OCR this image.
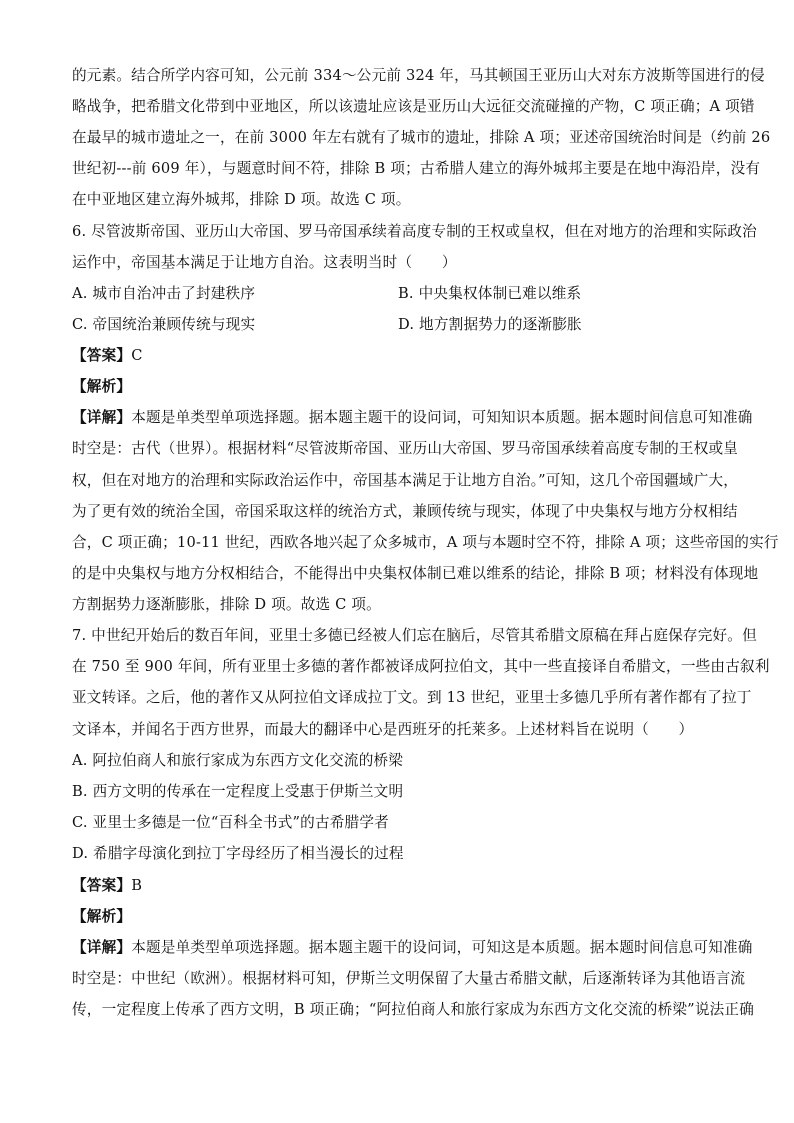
的元素。结合所学内容可知，公元前 334～公元前 324 年，马其顿国王亚历山大对东方波斯等国进行的侵
略战争，把希腊文化带到中亚地区，所以该遗址应该是亚历山大远征交流碰撞的产物，C 项正确；A 项错
在最早的城市遗址之一，在前 3000 年左右就有了城市的遗址，排除 A 项；亚述帝国统治时间是（约前 26
世纪初---前 609 年），与题意时间不符，排除 B 项；古希腊人建立的海外城邦主要是在地中海沿岸，没有
在中亚地区建立海外城邦，排除 D 项。故选 C 项。
6. 尽管波斯帝国、亚历山大帝国、罗马帝国承续着高度专制的王权或皇权，但在对地方的治理和实际政治
运作中，帝国基本满足于让地方自治。这表明当时（　　）
A. 城市自治冲击了封建秩序	B. 中央集权体制已难以维系
C. 帝国统治兼顾传统与现实	D. 地方割据势力的逐渐膨胀
【答案】C
【解析】
【详解】本题是单类型单项选择题。据本题主题干的设问词，可知知识本质题。据本题时间信息可知准确
时空是：古代（世界）。根据材料“尽管波斯帝国、亚历山大帝国、罗马帝国承续着高度专制的王权或皇
权，但在对地方的治理和实际政治运作中，帝国基本满足于让地方自治。”可知，这几个帝国疆域广大，
为了更有效的统治全国，帝国采取这样的统治方式，兼顾传统与现实，体现了中央集权与地方分权相结
合，C 项正确；10-11 世纪，西欧各地兴起了众多城市，A 项与本题时空不符，排除 A 项；这些帝国的实行
的是中央集权与地方分权相结合，不能得出中央集权体制已难以维系的结论，排除 B 项；材料没有体现地
方割据势力逐渐膨胀，排除 D 项。故选 C 项。
7. 中世纪开始后的数百年间，亚里士多德已经被人们忘在脑后，尽管其希腊文原稿在拜占庭保存完好。但
在 750 至 900 年间，所有亚里士多德的著作都被译成阿拉伯文，其中一些直接译自希腊文，一些由古叙利
亚文转译。之后，他的著作又从阿拉伯文译成拉丁文。到 13 世纪，亚里士多德几乎所有著作都有了拉丁
文译本，并闻名于西方世界，而最大的翻译中心是西班牙的托莱多。上述材料旨在说明（　　）
A. 阿拉伯商人和旅行家成为东西方文化交流的桥梁
B. 西方文明的传承在一定程度上受惠于伊斯兰文明
C. 亚里士多德是一位“百科全书式”的古希腊学者
D. 希腊字母演化到拉丁字母经历了相当漫长的过程
【答案】B
【解析】
【详解】本题是单类型单项选择题。据本题主题干的设问词，可知这是本质题。据本题时间信息可知准确
时空是：中世纪（欧洲）。根据材料可知，伊斯兰文明保留了大量古希腊文献，后逐渐转译为其他语言流
传，一定程度上传承了西方文明，B 项正确；“阿拉伯商人和旅行家成为东西方文化交流的桥梁”说法正确
